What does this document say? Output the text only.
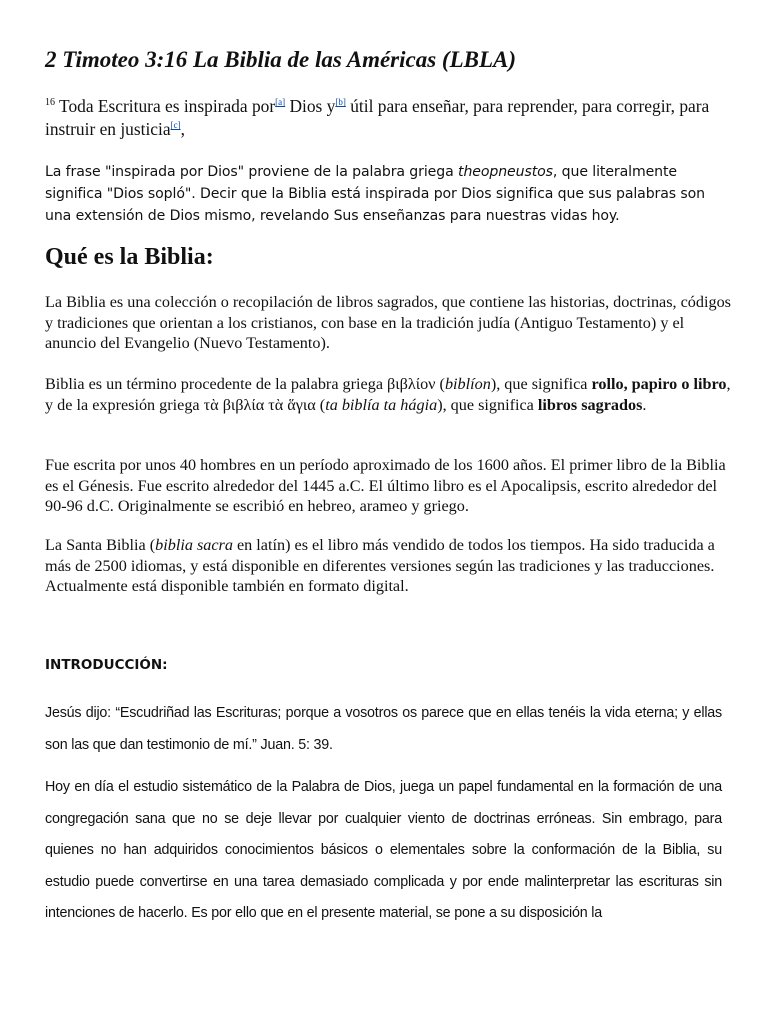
2 Timoteo 3:16 La Biblia de las Américas (LBLA)

$^{16}$ Toda Escritura es inspirada por[a] Dios y[b] útil para enseñar, para reprender, para corregir, para instruir en justicia[c],

La frase "inspirada por Dios" proviene de la palabra griega theopneustos, que literalmente significa "Dios sopló". Decir que la Biblia está inspirada por Dios significa que sus palabras son una extensión de Dios mismo, revelando Sus enseñanzas para nuestras vidas hoy.

Qué es la Biblia:

La Biblia es una colección o recopilación de libros sagrados, que contiene las historias, doctrinas, códigos y tradiciones que orientan a los cristianos, con base en la tradición judía (Antiguo Testamento) y el anuncio del Evangelio (Nuevo Testamento).

Biblia es un término procedente de la palabra griega βιβλίον (biblíon), que significa rollo, papiro o libro, y de la expresión griega τὰ βιβλία τὰ ἅγια (ta biblía ta hágia), que significa libros sagrados.

Fue escrita por unos 40 hombres en un período aproximado de los 1600 años. El primer libro de la Biblia es el Génesis. Fue escrito alrededor del 1445 a.C. El último libro es el Apocalipsis, escrito alrededor del 90-96 d.C. Originalmente se escribió en hebreo, arameo y griego.

La Santa Biblia (biblia sacra en latín) es el libro más vendido de todos los tiempos. Ha sido traducida a más de 2500 idiomas, y está disponible en diferentes versiones según las tradiciones y las traducciones. Actualmente está disponible también en formato digital.

INTRODUCCIÓN:

Jesús dijo: “Escudriñad las Escrituras; porque a vosotros os parece que en ellas tenéis la vida eterna; y ellas son las que dan testimonio de mí.” Juan. 5: 39.

Hoy en día el estudio sistemático de la Palabra de Dios, juega un papel fundamental en la formación de una congregación sana que no se deje llevar por cualquier viento de doctrinas erróneas. Sin embrago, para quienes no han adquiridos conocimientos básicos o elementales sobre la conformación de la Biblia, su estudio puede convertirse en una tarea demasiado complicada y por ende malinterpretar las escrituras sin intenciones de hacerlo. Es por ello que en el presente material, se pone a su disposición la
